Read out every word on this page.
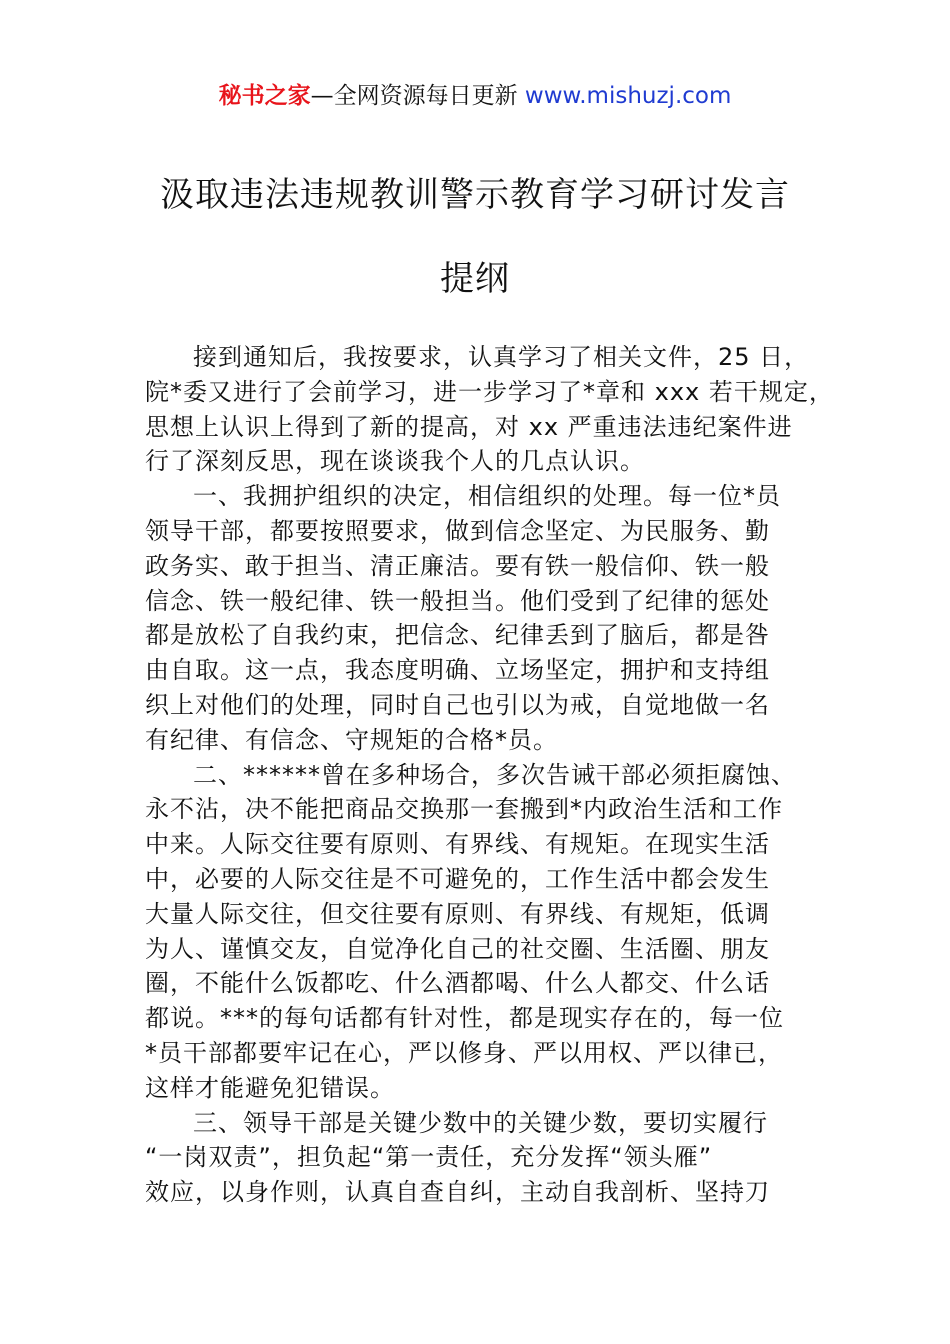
秘书之家—全网资源每日更新 www.mishuzj.com
汲取违法违规教训警示教育学习研讨发言
提纲
接到通知后，我按要求，认真学习了相关文件，25 日，
院*委又进行了会前学习，进一步学习了*章和 xxx 若干规定，
思想上认识上得到了新的提高，对 xx 严重违法违纪案件进
行了深刻反思，现在谈谈我个人的几点认识。
一、我拥护组织的决定，相信组织的处理。每一位*员
领导干部，都要按照要求，做到信念坚定、为民服务、勤
政务实、敢于担当、清正廉洁。要有铁一般信仰、铁一般
信念、铁一般纪律、铁一般担当。他们受到了纪律的惩处
都是放松了自我约束，把信念、纪律丢到了脑后，都是咎
由自取。这一点，我态度明确、立场坚定，拥护和支持组
织上对他们的处理，同时自己也引以为戒，自觉地做一名
有纪律、有信念、守规矩的合格*员。
二、******曾在多种场合，多次告诫干部必须拒腐蚀、
永不沾，决不能把商品交换那一套搬到*内政治生活和工作
中来。人际交往要有原则、有界线、有规矩。在现实生活
中，必要的人际交往是不可避免的，工作生活中都会发生
大量人际交往，但交往要有原则、有界线、有规矩，低调
为人、谨慎交友，自觉净化自己的社交圈、生活圈、朋友
圈，不能什么饭都吃、什么酒都喝、什么人都交、什么话
都说。***的每句话都有针对性，都是现实存在的，每一位
*员干部都要牢记在心，严以修身、严以用权、严以律已，
这样才能避免犯错误。
三、领导干部是关键少数中的关键少数，要切实履行
“一岗双责”，担负起“第一责任，充分发挥“领头雁”
效应，以身作则，认真自查自纠，主动自我剖析、坚持刀
